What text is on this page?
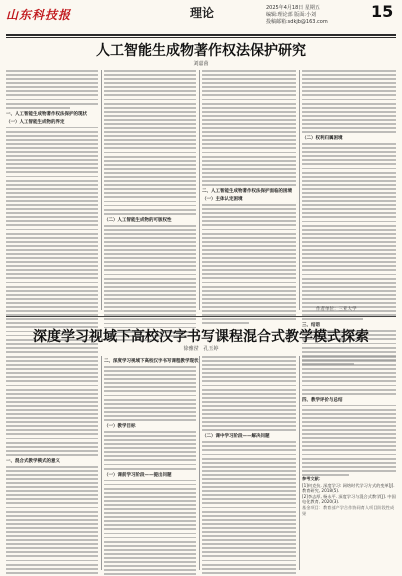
山东科技报	理论	2025年4月18日 星期五
编辑:理论部 版面:小刘
投稿邮箱:sdkjb@163.com
15
人工智能生成物著作权法保护研究
刘嘉茵
一、人工智能生成物著作权法保护的现状
（一）人工智能生成物的界定
（二）人工智能生成物的可版权性
二、人工智能生成物著作权法保护面临的困境
（一）主体认定困境
（二）权利归属困境
三、结语
作者单位：三亚大学
深度学习视域下高校汉字书写课程混合式教学模式探索
徐雅滢　孔玉婷
一、混合式教学模式的意义
二、深度学习视域下高校汉字书写课程教学现状
（一）教学目标
（一）课前学习阶段——提出问题
（二）课中学习阶段——解决问题
四、教学评价与总结
参考文献：
[1]何克抗. 深度学习: 网络时代学习方式的变革[J]. 教育研究, 2018(5).
[2]李志厚, 杨永平. 深度学习与混合式教学[J]. 中国电化教育, 2020(3).
基金项目：教育部产学合作协同育人项目阶段性成果
